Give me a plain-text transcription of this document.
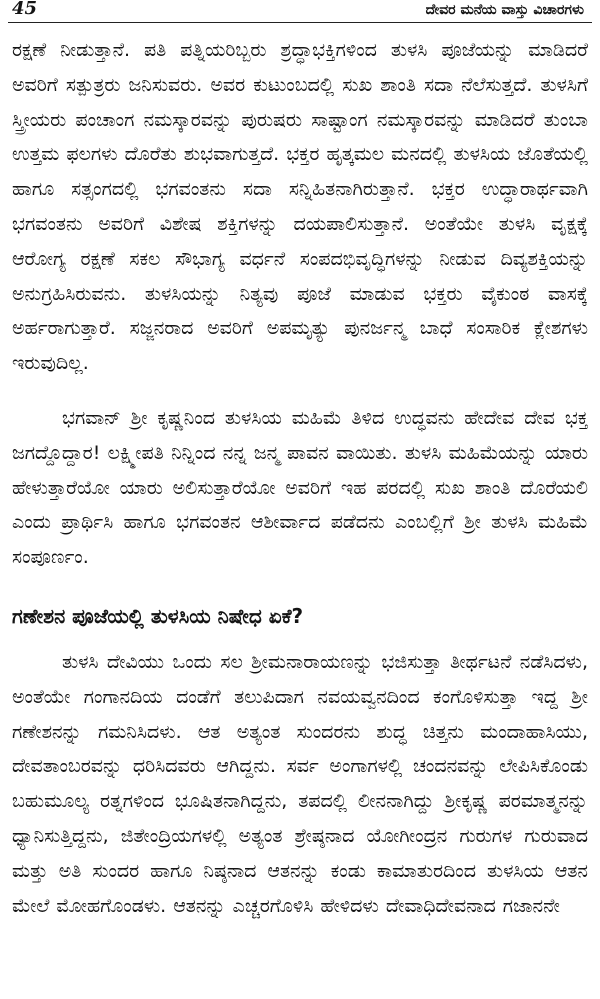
45	ದೇವರ ಮನೆಯ ವಾಸ್ತು ವಿಚಾರಗಳು

ರಕ್ಷಣೆ ನೀಡುತ್ತಾನೆ. ಪತಿ ಪತ್ನಿಯರಿಬ್ಬರು ಶ್ರದ್ಧಾಭಕ್ತಿಗಳಿಂದ ತುಳಸಿ ಪೂಜೆಯನ್ನು ಮಾಡಿದರೆ ಅವರಿಗೆ ಸತ್ಪುತ್ರರು ಜನಿಸುವರು. ಅವರ ಕುಟುಂಬದಲ್ಲಿ ಸುಖ ಶಾಂತಿ ಸದಾ ನೆಲೆಸುತ್ತದೆ. ತುಳಸಿಗೆ ಸ್ತ್ರೀಯರು ಪಂಚಾಂಗ ನಮಸ್ಕಾರವನ್ನು ಪುರುಷರು ಸಾಷ್ಟಾಂಗ ನಮಸ್ಕಾರವನ್ನು ಮಾಡಿದರೆ ತುಂಬಾ ಉತ್ತಮ ಫಲಗಳು ದೊರೆತು ಶುಭವಾಗುತ್ತದೆ. ಭಕ್ತರ ಹೃತ್ಕಮಲ ಮನದಲ್ಲಿ ತುಳಸಿಯ ಜೊತೆಯಲ್ಲಿ ಹಾಗೂ ಸತ್ಸಂಗದಲ್ಲಿ ಭಗವಂತನು ಸದಾ ಸನ್ನಿಹಿತನಾಗಿರುತ್ತಾನೆ. ಭಕ್ತರ ಉದ್ಧಾರಾರ್ಥವಾಗಿ ಭಗವಂತನು ಅವರಿಗೆ ವಿಶೇಷ ಶಕ್ತಿಗಳನ್ನು ದಯಪಾಲಿಸುತ್ತಾನೆ. ಅಂತೆಯೇ ತುಳಸಿ ವೃಕ್ಷಕ್ಕೆ ಆರೋಗ್ಯ ರಕ್ಷಣೆ ಸಕಲ ಸೌಭಾಗ್ಯ ವರ್ಧನೆ ಸಂಪದಭಿವೃದ್ಧಿಗಳನ್ನು ನೀಡುವ ದಿವ್ಯಶಕ್ತಿಯನ್ನು ಅನುಗ್ರಹಿಸಿರುವನು. ತುಳಸಿಯನ್ನು ನಿತ್ಯವು ಪೂಜೆ ಮಾಡುವ ಭಕ್ತರು ವೈಕುಂಠ ವಾಸಕ್ಕೆ ಅರ್ಹರಾಗುತ್ತಾರೆ. ಸಜ್ಜನರಾದ ಅವರಿಗೆ ಅಪಮೃತ್ಯು ಪುನರ್ಜನ್ಮ ಬಾಧೆ ಸಂಸಾರಿಕ ಕ್ಲೇಶಗಳು ಇರುವುದಿಲ್ಲ.

ಭಗವಾನ್ ಶ್ರೀ ಕೃಷ್ಣನಿಂದ ತುಳಸಿಯ ಮಹಿಮೆ ತಿಳಿದ ಉದ್ಧವನು ಹೇದೇವ ದೇವ ಭಕ್ತ ಜಗದ್ದೊದ್ದಾರ! ಲಕ್ಷ್ಮೀಪತಿ ನಿನ್ನಿಂದ ನನ್ನ ಜನ್ಮ ಪಾವನ ವಾಯಿತು. ತುಳಸಿ ಮಹಿಮೆಯನ್ನು ಯಾರು ಹೇಳುತ್ತಾರೆಯೋ ಯಾರು ಅಲಿಸುತ್ತಾರೆಯೋ ಅವರಿಗೆ ಇಹ ಪರದಲ್ಲಿ ಸುಖ ಶಾಂತಿ ದೊರೆಯಲಿ ಎಂದು ಪ್ರಾರ್ಥಿಸಿ ಹಾಗೂ ಭಗವಂತನ ಆಶೀರ್ವಾದ ಪಡೆದನು ಎಂಬಲ್ಲಿಗೆ ಶ್ರೀ ತುಳಸಿ ಮಹಿಮೆ ಸಂಪೂರ್ಣಂ.

ಗಣೇಶನ ಪೂಜೆಯಲ್ಲಿ ತುಳಸಿಯ ನಿಷೇಧ ಏಕೆ?

ತುಳಸಿ ದೇವಿಯು ಒಂದು ಸಲ ಶ್ರೀಮನಾರಾಯಣನ್ನು ಭಜಿಸುತ್ತಾ ತೀರ್ಥಟನೆ ನಡೆಸಿದಳು, ಅಂತೆಯೇ ಗಂಗಾನದಿಯ ದಂಡೆಗೆ ತಲುಪಿದಾಗ ನವಯವ್ವನದಿಂದ ಕಂಗೊಳಿಸುತ್ತಾ ಇದ್ದ ಶ್ರೀ ಗಣೇಶನನ್ನು ಗಮನಿಸಿದಳು. ಆತ ಅತ್ಯಂತ ಸುಂದರನು ಶುದ್ಧ ಚಿತ್ತನು ಮಂದಾಹಾಸಿಯು, ದೇವತಾಂಬರವನ್ನು ಧರಿಸಿದವರು ಆಗಿದ್ದನು. ಸರ್ವ ಅಂಗಾಗಳಲ್ಲಿ ಚಂದನವನ್ನು ಲೇಪಿಸಿಕೊಂಡು ಬಹುಮೂಲ್ಯ ರತ್ನಗಳಿಂದ ಭೂಷಿತನಾಗಿದ್ದನು, ತಪದಲ್ಲಿ ಲೀನನಾಗಿದ್ದು ಶ್ರೀಕೃಷ್ಣ ಪರಮಾತ್ಮನನ್ನು ಧ್ಯಾನಿಸುತ್ತಿದ್ದನು, ಜಿತೇಂದ್ರಿಯಗಳಲ್ಲಿ ಅತ್ಯಂತ ಶ್ರೇಷ್ಠನಾದ ಯೋಗೀಂದ್ರನ ಗುರುಗಳ ಗುರುವಾದ ಮತ್ತು ಅತಿ ಸುಂದರ ಹಾಗೂ ನಿಷ್ಠನಾದ ಆತನನ್ನು ಕಂಡು ಕಾಮಾತುರದಿಂದ ತುಳಸಿಯ ಆತನ ಮೇಲೆ ಮೋಹಗೊಂಡಳು. ಆತನನ್ನು ಎಚ್ಚರಗೊಳಿಸಿ ಹೇಳಿದಳು ದೇವಾಧಿದೇವನಾದ ಗಜಾನನೇ
